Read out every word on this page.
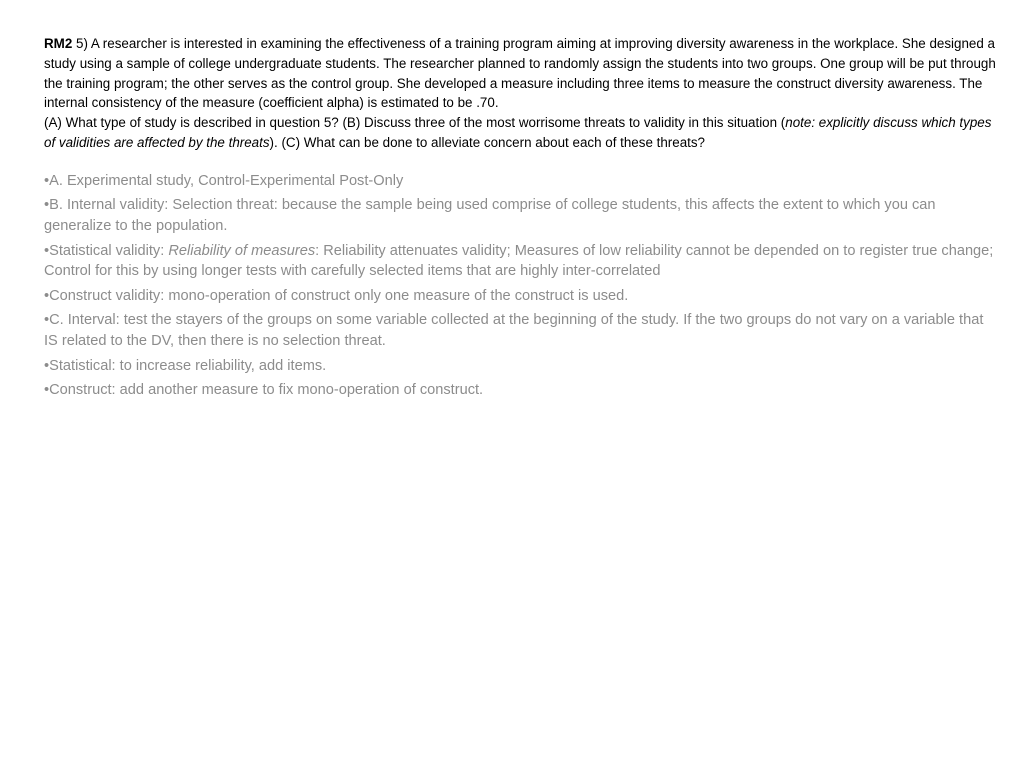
RM2 5) A researcher is interested in examining the effectiveness of a training program aiming at improving diversity awareness in the workplace. She designed a study using a sample of college undergraduate students. The researcher planned to randomly assign the students into two groups. One group will be put through the training program; the other serves as the control group. She developed a measure including three items to measure the construct diversity awareness. The internal consistency of the measure (coefficient alpha) is estimated to be .70.
(A) What type of study is described in question 5? (B) Discuss three of the most worrisome threats to validity in this situation (note: explicitly discuss which types of validities are affected by the threats). (C) What can be done to alleviate concern about each of these threats?

•A. Experimental study, Control-Experimental Post-Only
•B. Internal validity: Selection threat: because the sample being used comprise of college students, this affects the extent to which you can generalize to the population.
•Statistical validity: Reliability of measures: Reliability attenuates validity; Measures of low reliability cannot be depended on to register true change; Control for this by using longer tests with carefully selected items that are highly inter-correlated
•Construct validity: mono-operation of construct only one measure of the construct is used.
•C. Interval: test the stayers of the groups on some variable collected at the beginning of the study. If the two groups do not vary on a variable that IS related to the DV, then there is no selection threat.
•Statistical: to increase reliability, add items.
•Construct: add another measure to fix mono-operation of construct.
